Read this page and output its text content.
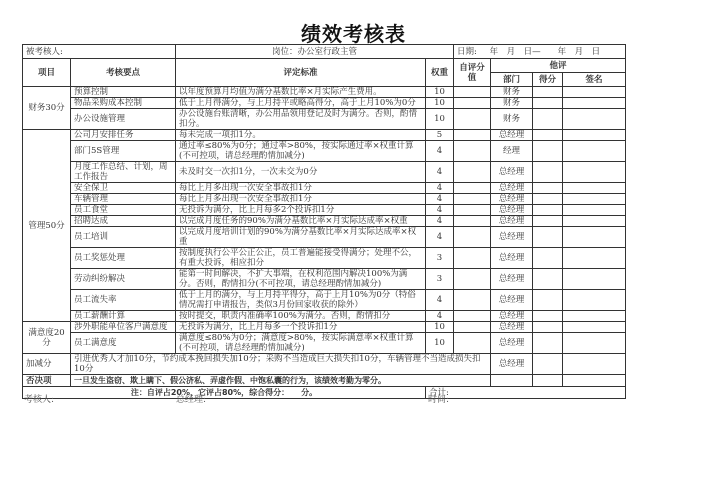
绩效考核表
被考核人:		岗位：办公室行政主管		日期: 年　月　日—　　年　月　日			
项目	考核要点	评定标准	权重	自评分值	他评		
					部门	得分	签名
财务30分	预算控制	以年度预算月均值为满分基数比率×月实际产生费用。	10		财务		
	物品采购成本控制	低于上月得满分，与上月持平或略高得分，高于上月10%为0分	10		财务		
	办公设施管理	办公设施台账清晰，办公用品领用登记及时为满分。否则，酌情扣分。	10		财务		
管理50分	公司月安排任务	每未完成一项扣1分。	5		总经理		
	部门5S管理	通过率≤80%为0分；通过率>80%，按实际通过率×权重计算(不可控项，请总经理酌情加减分)	4		经理		
	月度工作总结、计划，周工作报告	未及时交一次扣1分，一次未交为0分	4		总经理		
	安全保卫	每比上月多出现一次安全事故扣1分	4		总经理		
	车辆管理	每比上月多出现一次安全事故扣1分	4		总经理		
	员工食堂	无投诉为满分，比上月每多2个投诉扣1分	4		总经理		
	招聘达成	以完成月度任务的90%为满分基数比率×月实际达成率×权重	4		总经理		
	员工培训	以完成月度培训计划的90%为满分基数比率×月实际达成率×权重	4		总经理		
	员工奖惩处理	按制度执行公平公正公正，员工普遍能接受得满分；处理不公，有重大投诉，相应扣分	3		总经理		
	劳动纠纷解决	能第一时间解决，不扩大事端，在权利范围内解决100%为满分。否则，酌情扣分(不可控项，请总经理酌情加减分)	3		总经理		
	员工流失率	低于上月的满分，与上月持平得分，高于上月10%为0分（特俗情况需打申请报告，类似3月份回家收获的除外）	4		总经理		
	员工薪酬计算	按时提交，职责内准确率100%为满分。否则，酌情扣分	4		总经理		
满意度20分	涉外职能单位客户满意度	无投诉为满分，比上月每多一个投诉扣1分	10		总经理		
	员工满意度	满意度≤80%为0分；满意度>80%，按实际满意率×权重计算(不可控项，请总经理酌情加减分)	10		总经理		
加减分	引进优秀人才加10分，节约成本挽回损失加10分；采购不当造成巨大损失扣10分，车辆管理不当造成损失扣10分				总经理		
否决项	一旦发生盗窃、欺上瞒下、假公济私、弄虚作假、中饱私囊的行为，该绩效考勤为零分。						
注：自评占20%，它评占80%，综合得分：　　分。			合计:				
考核人:	总经理:	时间:
